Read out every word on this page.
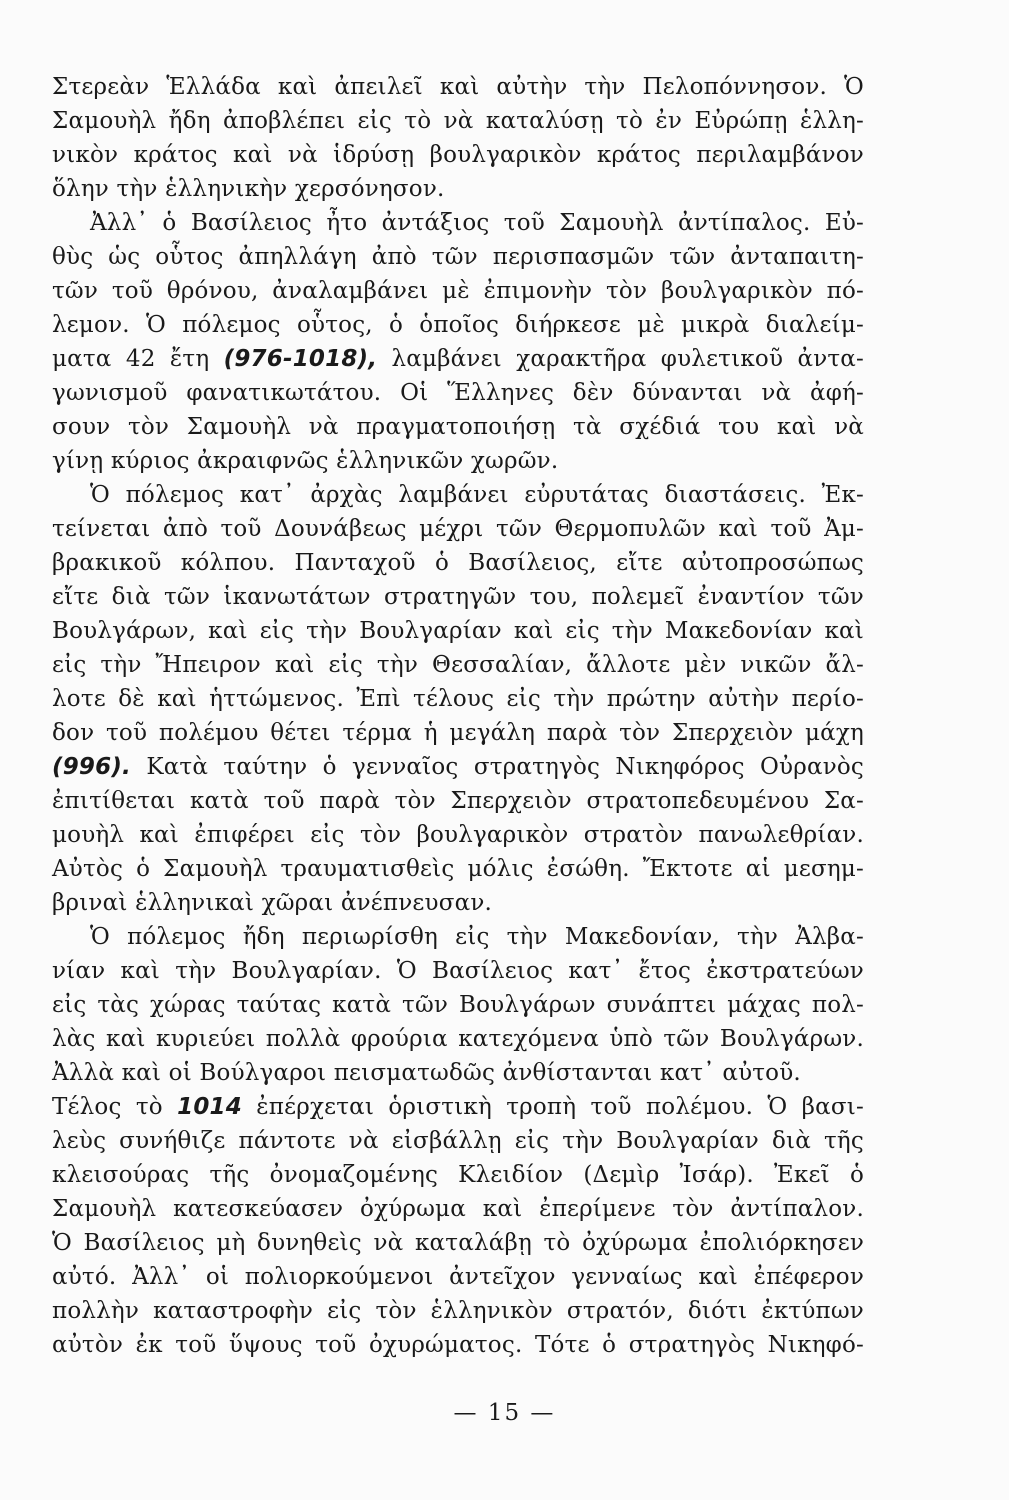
Στερεὰν Ἑλλάδα καὶ ἀπειλεῖ καὶ αὐτὴν τὴν Πελοπόννησον. Ὁ
Σαμουὴλ ἤδη ἀποβλέπει εἰς τὸ νὰ καταλύσῃ τὸ ἐν Εὐρώπῃ ἑλλη-
νικὸν κράτος καὶ νὰ ἱδρύσῃ βουλγαρικὸν κράτος περιλαμβάνον
ὅλην τὴν ἑλληνικὴν χερσόνησον.
Ἀλλ᾽ ὁ Βασίλειος ἦτο ἀντάξιος τοῦ Σαμουὴλ ἀντίπαλος. Εὐ-
θὺς ὡς οὗτος ἀπηλλάγη ἀπὸ τῶν περισπασμῶν τῶν ἀνταπαιτη-
τῶν τοῦ θρόνου, ἀναλαμβάνει μὲ ἐπιμονὴν τὸν βουλγαρικὸν πό-
λεμον. Ὁ πόλεμος οὗτος, ὁ ὁποῖος διήρκεσε μὲ μικρὰ διαλείμ-
ματα 42 ἔτη (976-1018), λαμβάνει χαρακτῆρα φυλετικοῦ ἀντα-
γωνισμοῦ φανατικωτάτου. Οἱ Ἕλληνες δὲν δύνανται νὰ ἀφή-
σουν τὸν Σαμουὴλ νὰ πραγματοποιήσῃ τὰ σχέδιά του καὶ νὰ
γίνῃ κύριος ἀκραιφνῶς ἑλληνικῶν χωρῶν.
Ὁ πόλεμος κατ᾽ ἀρχὰς λαμβάνει εὐρυτάτας διαστάσεις. Ἐκ-
τείνεται ἀπὸ τοῦ Δουνάβεως μέχρι τῶν Θερμοπυλῶν καὶ τοῦ Ἀμ-
βρακικοῦ κόλπου. Πανταχοῦ ὁ Βασίλειος, εἴτε αὐτοπροσώπως
εἴτε διὰ τῶν ἱκανωτάτων στρατηγῶν του, πολεμεῖ ἐναντίον τῶν
Βουλγάρων, καὶ εἰς τὴν Βουλγαρίαν καὶ εἰς τὴν Μακεδονίαν καὶ
εἰς τὴν Ἤπειρον καὶ εἰς τὴν Θεσσαλίαν, ἄλλοτε μὲν νικῶν ἄλ-
λοτε δὲ καὶ ἡττώμενος. Ἐπὶ τέλους εἰς τὴν πρώτην αὐτὴν περίο-
δον τοῦ πολέμου θέτει τέρμα ἡ μεγάλη παρὰ τὸν Σπερχειὸν μάχη
(996). Κατὰ ταύτην ὁ γενναῖος στρατηγὸς Νικηφόρος Οὐρανὸς
ἐπιτίθεται κατὰ τοῦ παρὰ τὸν Σπερχειὸν στρατοπεδευμένου Σα-
μουὴλ καὶ ἐπιφέρει εἰς τὸν βουλγαρικὸν στρατὸν πανωλεθρίαν.
Αὐτὸς ὁ Σαμουὴλ τραυματισθεὶς μόλις ἐσώθη. Ἔκτοτε αἱ μεσημ-
βριναὶ ἑλληνικαὶ χῶραι ἀνέπνευσαν.
Ὁ πόλεμος ἤδη περιωρίσθη εἰς τὴν Μακεδονίαν, τὴν Ἀλβα-
νίαν καὶ τὴν Βουλγαρίαν. Ὁ Βασίλειος κατ᾽ ἔτος ἐκστρατεύων
εἰς τὰς χώρας ταύτας κατὰ τῶν Βουλγάρων συνάπτει μάχας πολ-
λὰς καὶ κυριεύει πολλὰ φρούρια κατεχόμενα ὑπὸ τῶν Βουλγάρων.
Ἀλλὰ καὶ οἱ Βούλγαροι πεισματωδῶς ἀνθίστανται κατ᾽ αὐτοῦ.
Τέλος τὸ 1014 ἐπέρχεται ὁριστικὴ τροπὴ τοῦ πολέμου. Ὁ βασι-
λεὺς συνήθιζε πάντοτε νὰ εἰσβάλλῃ εἰς τὴν Βουλγαρίαν διὰ τῆς
κλεισούρας τῆς ὀνομαζομένης Κλειδίον (Δεμὶρ Ἰσάρ). Ἐκεῖ ὁ
Σαμουὴλ κατεσκεύασεν ὀχύρωμα καὶ ἐπερίμενε τὸν ἀντίπαλον.
Ὁ Βασίλειος μὴ δυνηθεὶς νὰ καταλάβῃ τὸ ὀχύρωμα ἐπολιόρκησεν
αὐτό. Ἀλλ᾽ οἱ πολιορκούμενοι ἀντεῖχον γενναίως καὶ ἐπέφερον
πολλὴν καταστροφὴν εἰς τὸν ἑλληνικὸν στρατόν, διότι ἐκτύπων
αὐτὸν ἐκ τοῦ ὕψους τοῦ ὀχυρώματος. Τότε ὁ στρατηγὸς Νικηφό-
— 15 —
